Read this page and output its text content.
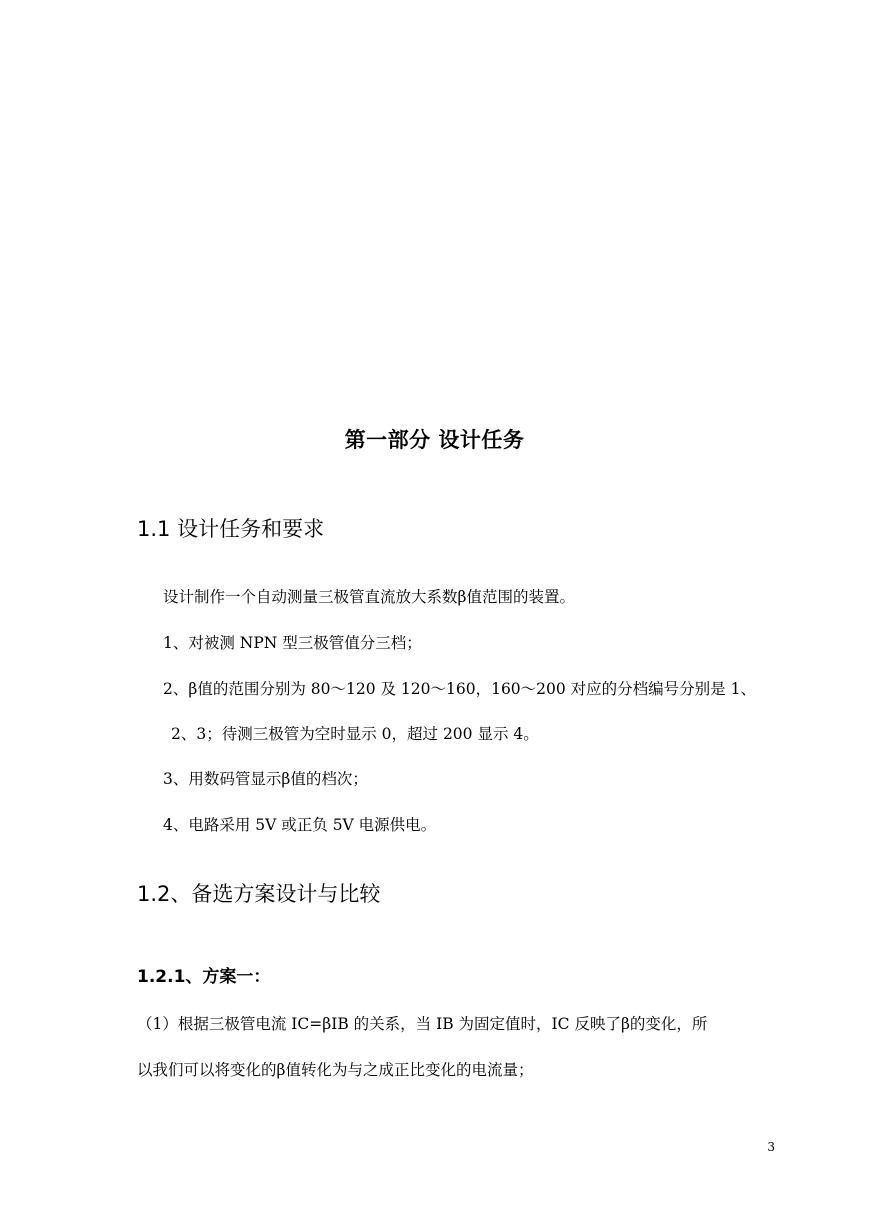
第一部分 设计任务
1.1 设计任务和要求
设计制作一个自动测量三极管直流放大系数β值范围的装置。
1、对被测 NPN 型三极管值分三档；
2、β值的范围分别为 80～120 及 120～160，160～200 对应的分档编号分别是 1、
2、3；待测三极管为空时显示 0，超过 200 显示 4。
3、用数码管显示β值的档次；
4、电路采用 5V 或正负 5V 电源供电。
1.2、备选方案设计与比较
1.2.1、方案一：
（1）根据三极管电流 IC=βIB 的关系，当 IB 为固定值时，IC 反映了β的变化，所
以我们可以将变化的β值转化为与之成正比变化的电流量；
3
